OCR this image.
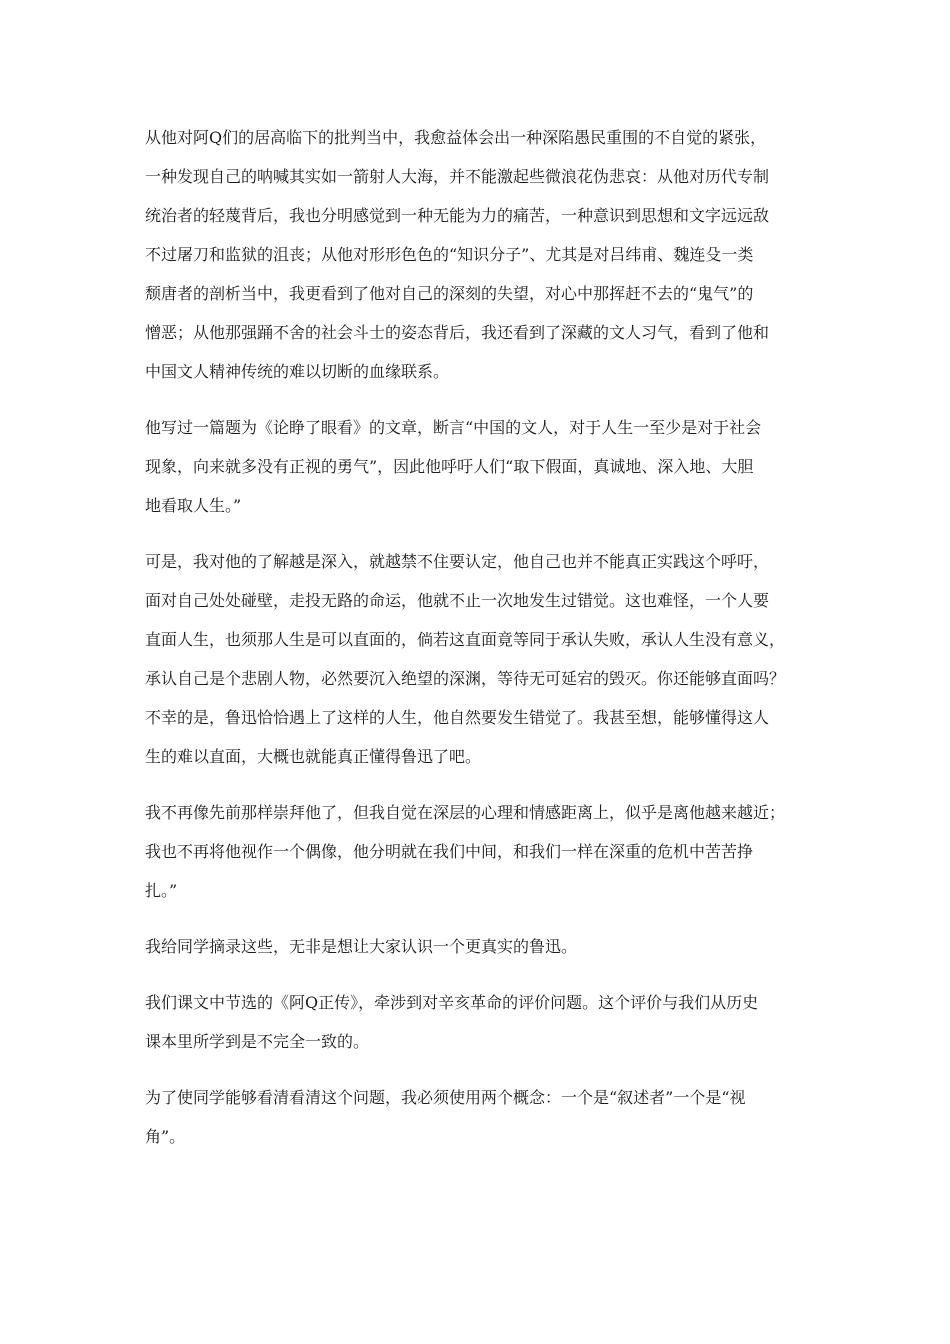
从他对阿Q们的居高临下的批判当中，我愈益体会出一种深陷愚民重围的不自觉的紧张，
一种发现自己的呐喊其实如一箭射人大海，并不能激起些微浪花伪悲哀：从他对历代专制
统治者的轻蔑背后，我也分明感觉到一种无能为力的痛苦，一种意识到思想和文字远远敌
不过屠刀和监狱的沮丧；从他对形形色色的“知识分子”、尤其是对吕纬甫、魏连殳一类
颓唐者的剖析当中，我更看到了他对自己的深刻的失望，对心中那挥赶不去的“鬼气”的
憎恶；从他那强踊不舍的社会斗士的姿态背后，我还看到了深藏的文人习气，看到了他和
中国文人精神传统的难以切断的血缘联系。
他写过一篇题为《论睁了眼看》的文章，断言“中国的文人，对于人生一至少是对于社会
现象，向来就多没有正视的勇气”，因此他呼吁人们“取下假面，真诚地、深入地、大胆
地看取人生。”
可是，我对他的了解越是深入，就越禁不住要认定，他自己也并不能真正实践这个呼吁，
面对自己处处碰壁，走投无路的命运，他就不止一次地发生过错觉。这也难怪，一个人要
直面人生，也须那人生是可以直面的，倘若这直面竟等同于承认失败，承认人生没有意义，
承认自己是个悲剧人物，必然要沉入绝望的深渊，等待无可延宕的毁灭。你还能够直面吗？
不幸的是，鲁迅恰恰遇上了这样的人生，他自然要发生错觉了。我甚至想，能够懂得这人
生的难以直面，大概也就能真正懂得鲁迅了吧。
我不再像先前那样崇拜他了，但我自觉在深层的心理和情感距离上，似乎是离他越来越近；
我也不再将他视作一个偶像，他分明就在我们中间，和我们一样在深重的危机中苦苦挣
扎。”
我给同学摘录这些，无非是想让大家认识一个更真实的鲁迅。
我们课文中节选的《阿Q正传》，牵涉到对辛亥革命的评价问题。这个评价与我们从历史
课本里所学到是不完全一致的。
为了使同学能够看清看清这个问题，我必须使用两个概念：一个是“叙述者”一个是“视
角”。
